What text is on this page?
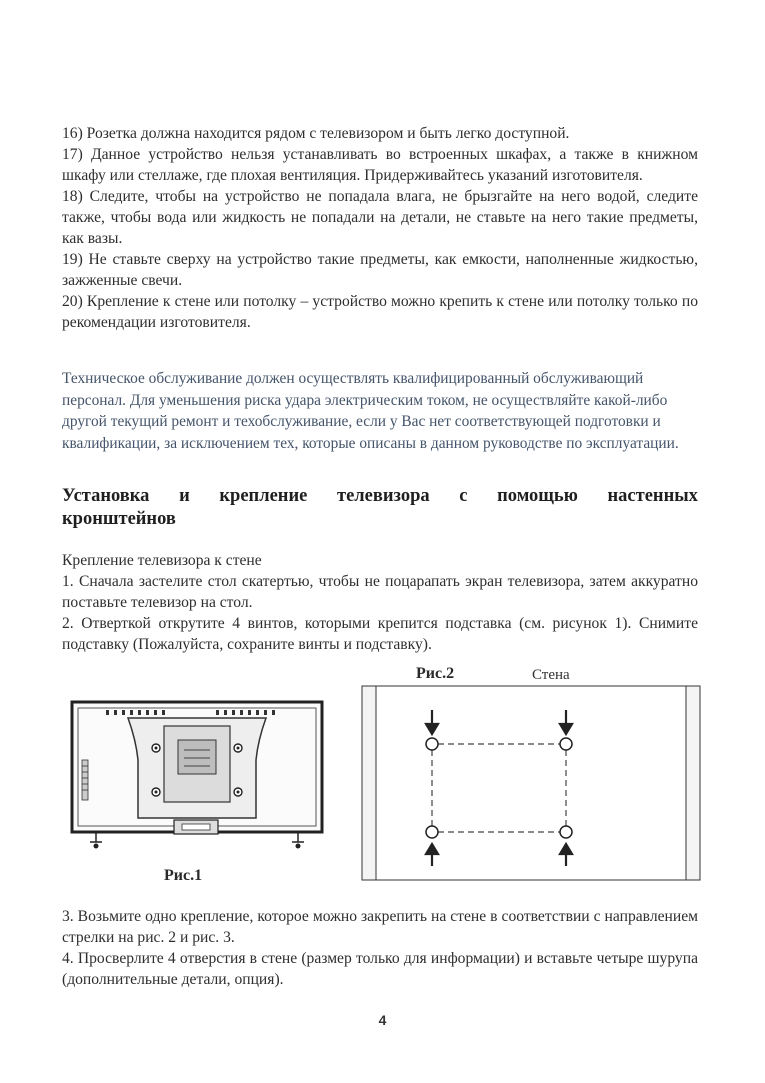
16) Розетка должна находится рядом с телевизором и быть легко доступной.

17) Данное устройство нельзя устанавливать во встроенных шкафах, а также в книжном шкафу или стеллаже, где плохая вентиляция. Придерживайтесь указаний изготовителя.

18) Следите, чтобы на устройство не попадала влага, не брызгайте на него водой, следите также, чтобы вода или жидкость не попадали на детали, не ставьте на него такие предметы, как вазы.

19) Не ставьте сверху на устройство такие предметы, как емкости, наполненные жидкостью, зажженные свечи.

20) Крепление к стене или потолку – устройство можно крепить к стене или потолку только по рекомендации изготовителя.

Техническое обслуживание должен осуществлять квалифицированный обслуживающий персонал. Для уменьшения риска удара электрическим током, не осуществляйте какой-либо другой текущий ремонт и техобслуживание, если у Вас нет соответствующей подготовки и квалификации, за исключением тех, которые описаны в данном руководстве по эксплуатации.

Установка и крепление телевизора с помощью настенных
кронштейнов

Крепление телевизора к стене

1. Сначала застелите стол скатертью, чтобы не поцарапать экран телевизора, затем аккуратно поставьте телевизор на стол.

2. Отверткой открутите 4 винтов, которыми крепится подставка (см. рисунок 1). Снимите подставку (Пожалуйста, сохраните винты и подставку).

Рис.1
Рис.2	Стена

3. Возьмите одно крепление, которое можно закрепить на стене в соответствии с направлением стрелки на рис. 2 и рис. 3.

4. Просверлите 4 отверстия в стене (размер только для информации) и вставьте четыре шурупа (дополнительные детали, опция).

4
